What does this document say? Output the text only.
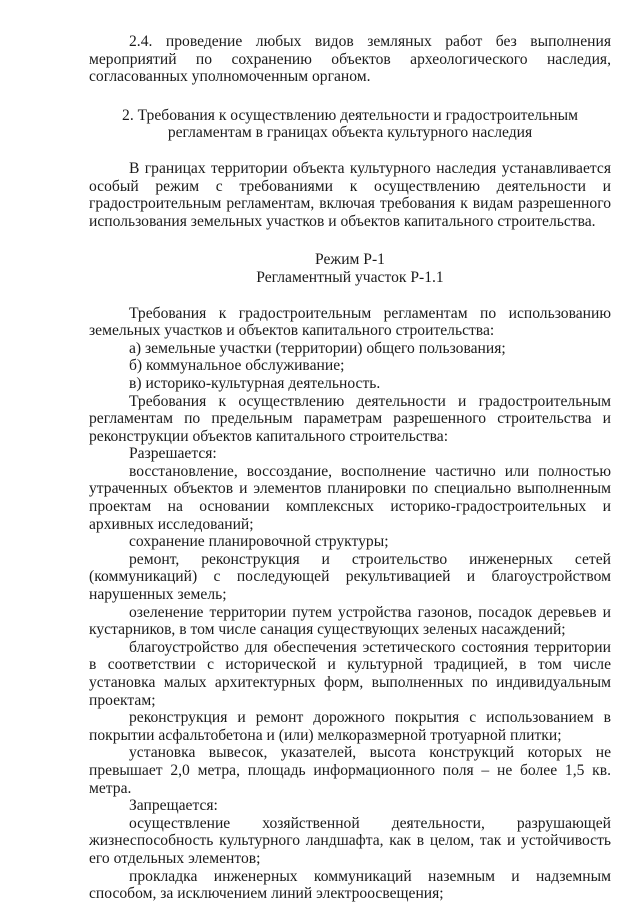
2.4. проведение любых видов земляных работ без выполнения мероприятий по сохранению объектов археологического наследия, согласованных уполномоченным органом.

2. Требования к осуществлению деятельности и градостроительным

регламентам в границах объекта культурного наследия

В границах территории объекта культурного наследия устанавливается особый режим с требованиями к осуществлению деятельности и градостроительным регламентам, включая требования к видам разрешенного использования земельных участков и объектов капитального строительства.

Режим Р-1

Регламентный участок Р-1.1

Требования к градостроительным регламентам по использованию земельных участков и объектов капитального строительства:

а) земельные участки (территории) общего пользования;

б) коммунальное обслуживание;

в) историко-культурная деятельность.

Требования к осуществлению деятельности и градостроительным регламентам по предельным параметрам разрешенного строительства и реконструкции объектов капитального строительства:

Разрешается:

восстановление, воссоздание, восполнение частично или полностью утраченных объектов и элементов планировки по специально выполненным проектам на основании комплексных историко-градостроительных и архивных исследований;

сохранение планировочной структуры;

ремонт, реконструкция и строительство инженерных сетей (коммуникаций) с последующей рекультивацией и благоустройством нарушенных земель;

озеленение территории путем устройства газонов, посадок деревьев и кустарников, в том числе санация существующих зеленых насаждений;

благоустройство для обеспечения эстетического состояния территории в соответствии с исторической и культурной традицией, в том числе установка малых архитектурных форм, выполненных по индивидуальным проектам;

реконструкция и ремонт дорожного покрытия с использованием в покрытии асфальтобетона и (или) мелкоразмерной тротуарной плитки;

установка вывесок, указателей, высота конструкций которых не превышает 2,0 метра, площадь информационного поля – не более 1,5 кв. метра.

Запрещается:

осуществление хозяйственной деятельности, разрушающей жизнеспособность культурного ландшафта, как в целом, так и устойчивость его отдельных элементов;

прокладка инженерных коммуникаций наземным и надземным способом, за исключением линий электроосвещения;
